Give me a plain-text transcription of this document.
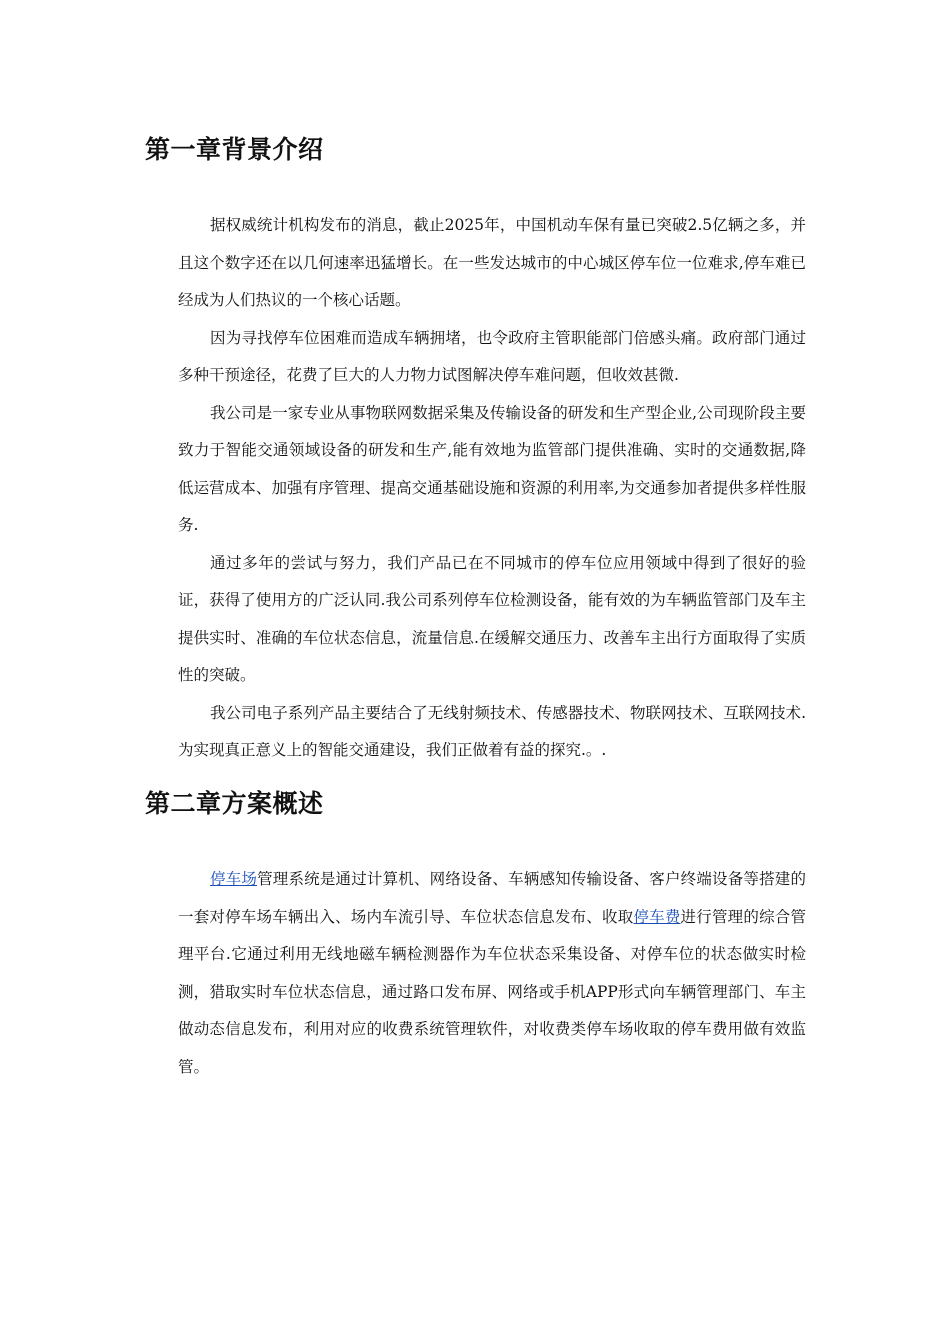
第一章背景介绍

据权威统计机构发布的消息，截止2025年，中国机动车保有量已突破2.5亿辆之多，并且这个数字还在以几何速率迅猛增长。在一些发达城市的中心城区停车位一位难求,停车难已经成为人们热议的一个核心话题。

因为寻找停车位困难而造成车辆拥堵，也令政府主管职能部门倍感头痛。政府部门通过多种干预途径，花费了巨大的人力物力试图解决停车难问题，但收效甚微.

我公司是一家专业从事物联网数据采集及传输设备的研发和生产型企业,公司现阶段主要致力于智能交通领域设备的研发和生产,能有效地为监管部门提供准确、实时的交通数据,降低运营成本、加强有序管理、提高交通基础设施和资源的利用率,为交通参加者提供多样性服务.

通过多年的尝试与努力，我们产品已在不同城市的停车位应用领域中得到了很好的验证，获得了使用方的广泛认同.我公司系列停车位检测设备，能有效的为车辆监管部门及车主提供实时、准确的车位状态信息，流量信息.在缓解交通压力、改善车主出行方面取得了实质性的突破。

我公司电子系列产品主要结合了无线射频技术、传感器技术、物联网技术、互联网技术.为实现真正意义上的智能交通建设，我们正做着有益的探究.。.

第二章方案概述

停车场管理系统是通过计算机、网络设备、车辆感知传输设备、客户终端设备等搭建的一套对停车场车辆出入、场内车流引导、车位状态信息发布、收取停车费进行管理的综合管理平台.它通过利用无线地磁车辆检测器作为车位状态采集设备、对停车位的状态做实时检测，猎取实时车位状态信息，通过路口发布屏、网络或手机APP形式向车辆管理部门、车主做动态信息发布，利用对应的收费系统管理软件，对收费类停车场收取的停车费用做有效监管。
